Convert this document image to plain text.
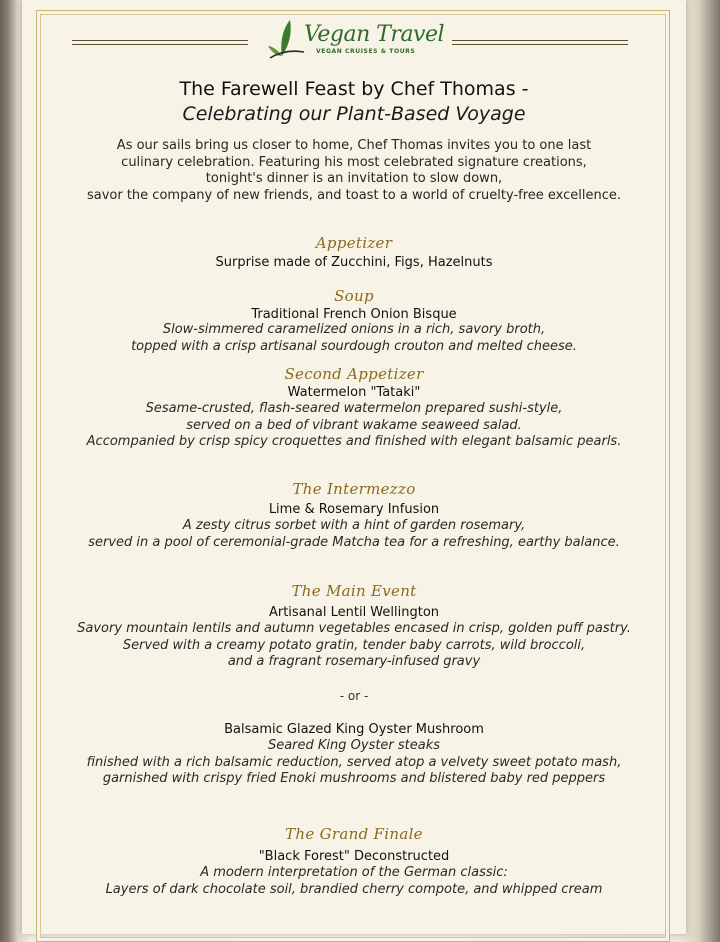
Vegan Travel
VEGAN CRUISES & TOURS
The Farewell Feast by Chef Thomas -
Celebrating our Plant-Based Voyage
As our sails bring us closer to home, Chef Thomas invites you to one last
culinary celebration. Featuring his most celebrated signature creations,
tonight's dinner is an invitation to slow down,
savor the company of new friends, and toast to a world of cruelty-free excellence.
Appetizer
Surprise made of Zucchini, Figs, Hazelnuts
Soup
Traditional French Onion Bisque
Slow-simmered caramelized onions in a rich, savory broth,
topped with a crisp artisanal sourdough crouton and melted cheese.
Second Appetizer
Watermelon "Tataki"
Sesame-crusted, flash-seared watermelon prepared sushi-style,
served on a bed of vibrant wakame seaweed salad.
Accompanied by crisp spicy croquettes and finished with elegant balsamic pearls.
The Intermezzo
Lime & Rosemary Infusion
A zesty citrus sorbet with a hint of garden rosemary,
served in a pool of ceremonial-grade Matcha tea for a refreshing, earthy balance.
The Main Event
Artisanal Lentil Wellington
Savory mountain lentils and autumn vegetables encased in crisp, golden puff pastry.
Served with a creamy potato gratin, tender baby carrots, wild broccoli,
and a fragrant rosemary-infused gravy
- or -
Balsamic Glazed King Oyster Mushroom
Seared King Oyster steaks
finished with a rich balsamic reduction, served atop a velvety sweet potato mash,
garnished with crispy fried Enoki mushrooms and blistered baby red peppers
The Grand Finale
"Black Forest" Deconstructed
A modern interpretation of the German classic:
Layers of dark chocolate soil, brandied cherry compote, and whipped cream
